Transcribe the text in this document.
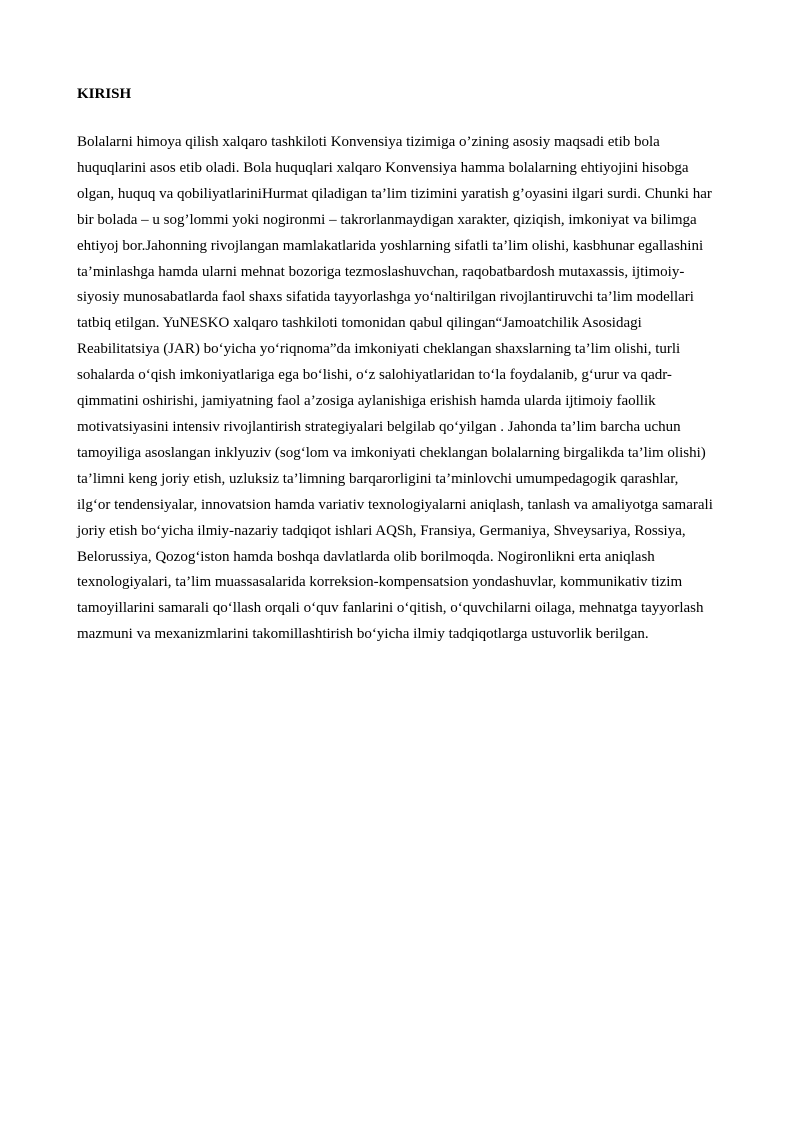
KIRISH

Bolalarni himoya qilish xalqaro tashkiloti Konvensiya tizimiga o’zining asosiy maqsadi etib bola
huquqlarini asos etib oladi. Bola huquqlari xalqaro Konvensiya hamma bolalarning ehtiyojini hisobga
olgan, huquq va qobiliyatlariniHurmat qiladigan ta’lim tizimini yaratish g’oyasini ilgari surdi. Chunki har
bir bolada – u sog’lommi yoki nogironmi – takrorlanmaydigan xarakter, qiziqish, imkoniyat va bilimga
ehtiyoj bor.Jahonning rivojlangan mamlakatlarida yoshlarning sifatli ta’lim olishi, kasbhunar egallashini
ta’minlashga hamda ularni mehnat bozoriga tezmoslashuvchan, raqobatbardosh mutaxassis, ijtimoiy-
siyosiy munosabatlarda faol shaxs sifatida tayyorlashga yo‘naltirilgan rivojlantiruvchi ta’lim modellari
tatbiq etilgan. YuNESKO xalqaro tashkiloti tomonidan qabul qilingan“Jamoatchilik Asosidagi
Reabilitatsiya (JAR) bo‘yicha yo‘riqnoma”da imkoniyati cheklangan shaxslarning ta’lim olishi, turli
sohalarda o‘qish imkoniyatlariga ega bo‘lishi, o‘z salohiyatlaridan to‘la foydalanib, g‘urur va qadr-
qimmatini oshirishi, jamiyatning faol a’zosiga aylanishiga erishish hamda ularda ijtimoiy faollik
motivatsiyasini intensiv rivojlantirish strategiyalari belgilab qo‘yilgan . Jahonda ta’lim barcha uchun
tamoyiliga asoslangan inklyuziv (sog‘lom va imkoniyati cheklangan bolalarning birgalikda ta’lim olishi)
ta’limni keng joriy etish, uzluksiz ta’limning barqarorligini ta’minlovchi umumpedagogik qarashlar,
ilg‘or tendensiyalar, innovatsion hamda variativ texnologiyalarni aniqlash, tanlash va amaliyotga samarali
joriy etish bo‘yicha ilmiy-nazariy tadqiqot ishlari AQSh, Fransiya, Germaniya, Shveysariya, Rossiya,
Belorussiya, Qozog‘iston hamda boshqa davlatlarda olib borilmoqda. Nogironlikni erta aniqlash
texnologiyalari, ta’lim muassasalarida korreksion-kompensatsion yondashuvlar, kommunikativ tizim
tamoyillarini samarali qo‘llash orqali o‘quv fanlarini o‘qitish, o‘quvchilarni oilaga, mehnatga tayyorlash
mazmuni va mexanizmlarini takomillashtirish bo‘yicha ilmiy tadqiqotlarga ustuvorlik berilgan.
